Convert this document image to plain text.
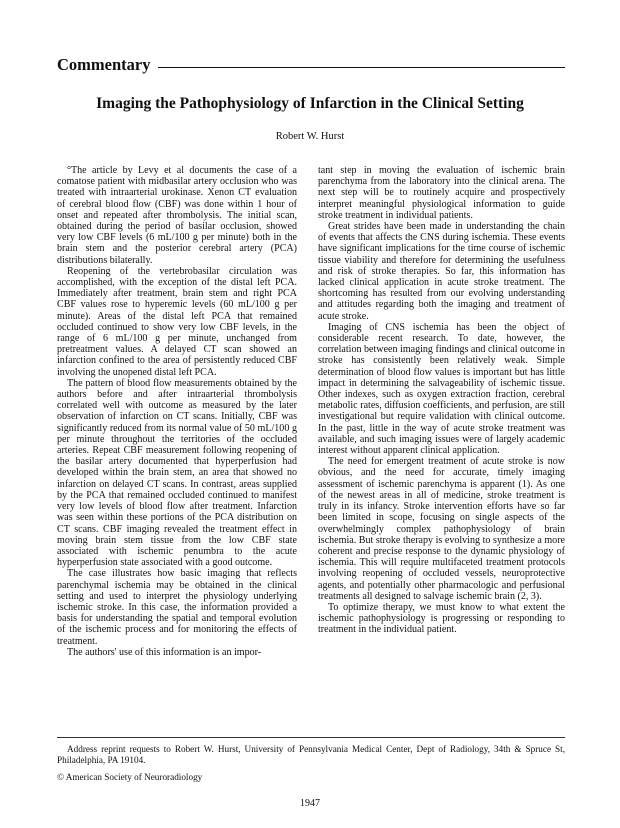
Commentary
Imaging the Pathophysiology of Infarction in the Clinical Setting
Robert W. Hurst

°The article by Levy et al documents the case of a comatose patient with midbasilar artery occlusion who was treated with intraarterial urokinase. Xenon CT evaluation of cerebral blood flow (CBF) was done within 1 hour of onset and repeated after thrombolysis. The initial scan, obtained during the period of basilar occlusion, showed very low CBF levels (6 mL/100 g per minute) both in the brain stem and the posterior cerebral artery (PCA) distributions bilaterally.

Reopening of the vertebrobasilar circulation was accomplished, with the exception of the distal left PCA. Immediately after treatment, brain stem and right PCA CBF values rose to hyperemic levels (60 mL/100 g per minute). Areas of the distal left PCA that remained occluded continued to show very low CBF levels, in the range of 6 mL/100 g per minute, unchanged from pretreatment values. A delayed CT scan showed an infarction confined to the area of persistently reduced CBF involving the unopened distal left PCA.

The pattern of blood flow measurements obtained by the authors before and after intraarterial thrombolysis correlated well with outcome as measured by the later observation of infarction on CT scans. Initially, CBF was significantly reduced from its normal value of 50 mL/100 g per minute throughout the territories of the occluded arteries. Repeat CBF measurement following reopening of the basilar artery documented that hyperperfusion had developed within the brain stem, an area that showed no infarction on delayed CT scans. In contrast, areas supplied by the PCA that remained occluded continued to manifest very low levels of blood flow after treatment. Infarction was seen within these portions of the PCA distribution on CT scans. CBF imaging revealed the treatment effect in moving brain stem tissue from the low CBF state associated with ischemic penumbra to the acute hyperperfusion state associated with a good outcome.

The case illustrates how basic imaging that reflects parenchymal ischemia may be obtained in the clinical setting and used to interpret the physiology underlying ischemic stroke. In this case, the information provided a basis for understanding the spatial and temporal evolution of the ischemic process and for monitoring the effects of treatment.

The authors' use of this information is an impor-

tant step in moving the evaluation of ischemic brain parenchyma from the laboratory into the clinical arena. The next step will be to routinely acquire and prospectively interpret meaningful physiological information to guide stroke treatment in individual patients.

Great strides have been made in understanding the chain of events that affects the CNS during ischemia. These events have significant implications for the time course of ischemic tissue viability and therefore for determining the usefulness and risk of stroke therapies. So far, this information has lacked clinical application in acute stroke treatment. The shortcoming has resulted from our evolving understanding and attitudes regarding both the imaging and treatment of acute stroke.

Imaging of CNS ischemia has been the object of considerable recent research. To date, however, the correlation between imaging findings and clinical outcome in stroke has consistently been relatively weak. Simple determination of blood flow values is important but has little impact in determining the salvageability of ischemic tissue. Other indexes, such as oxygen extraction fraction, cerebral metabolic rates, diffusion coefficients, and perfusion, are still investigational but require validation with clinical outcome. In the past, little in the way of acute stroke treatment was available, and such imaging issues were of largely academic interest without apparent clinical application.

The need for emergent treatment of acute stroke is now obvious, and the need for accurate, timely imaging assessment of ischemic parenchyma is apparent (1). As one of the newest areas in all of medicine, stroke treatment is truly in its infancy. Stroke intervention efforts have so far been limited in scope, focusing on single aspects of the overwhelmingly complex pathophysiology of brain ischemia. But stroke therapy is evolving to synthesize a more coherent and precise response to the dynamic physiology of ischemia. This will require multifaceted treatment protocols involving reopening of occluded vessels, neuroprotective agents, and potentially other pharmacologic and perfusional treatments all designed to salvage ischemic brain (2, 3).

To optimize therapy, we must know to what extent the ischemic pathophysiology is progressing or responding to treatment in the individual patient.

Address reprint requests to Robert W. Hurst, University of Pennsylvania Medical Center, Dept of Radiology, 34th & Spruce St, Philadelphia, PA 19104.

© American Society of Neuroradiology
1947
